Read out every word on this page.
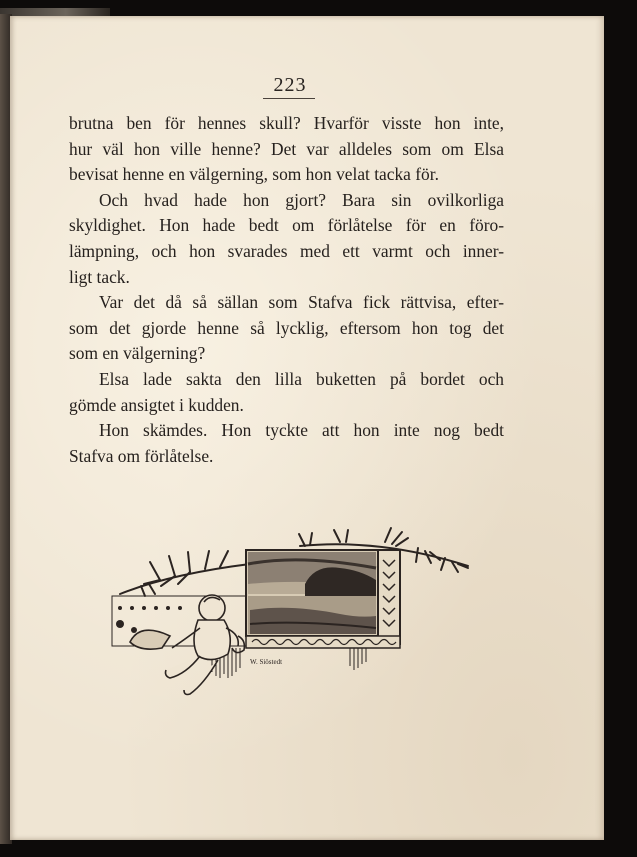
223
brutna ben för hennes skull? Hvarför visste hon inte,
hur väl hon ville henne? Det var alldeles som om Elsa
bevisat henne en välgerning, som hon velat tacka för.
Och hvad hade hon gjort? Bara sin ovilkorliga
skyldighet. Hon hade bedt om förlåtelse för en föro-
lämpning, och hon svarades med ett varmt och inner-
ligt tack.
Var det då så sällan som Stafva fick rättvisa, efter-
som det gjorde henne så lycklig, eftersom hon tog det
som en välgerning?
Elsa lade sakta den lilla buketten på bordet och
gömde ansigtet i kudden.
Hon skämdes. Hon tyckte att hon inte nog bedt
Stafva om förlåtelse.
W. Siöstedt
